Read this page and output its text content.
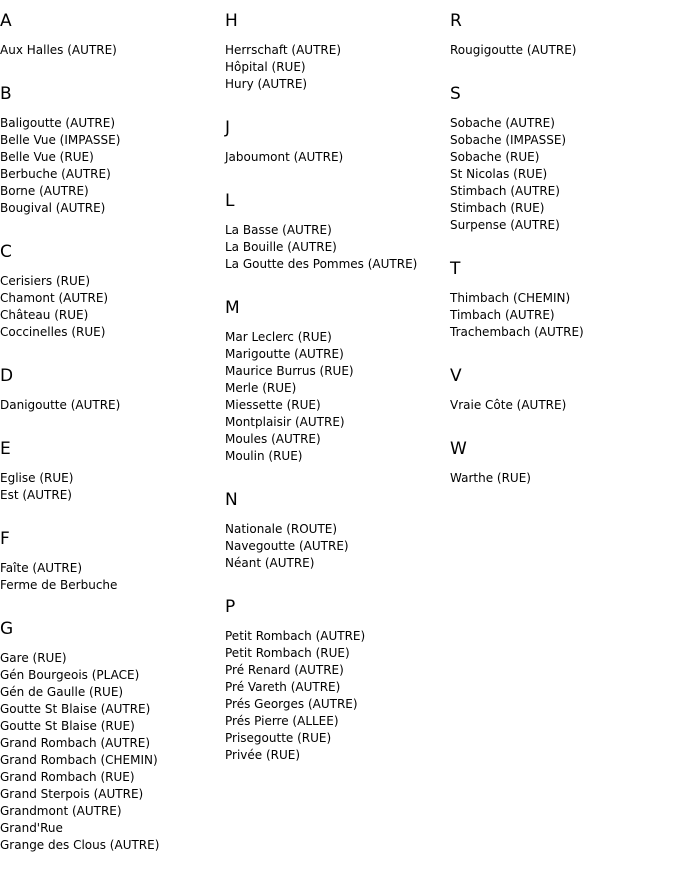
A
Aux Halles (AUTRE)
B
Baligoutte (AUTRE)
Belle Vue (IMPASSE)
Belle Vue (RUE)
Berbuche (AUTRE)
Borne (AUTRE)
Bougival (AUTRE)
C
Cerisiers (RUE)
Chamont (AUTRE)
Château (RUE)
Coccinelles (RUE)
D
Danigoutte (AUTRE)
E
Eglise (RUE)
Est (AUTRE)
F
Faîte (AUTRE)
Ferme de Berbuche
G
Gare (RUE)
Gén Bourgeois (PLACE)
Gén de Gaulle (RUE)
Goutte St Blaise (AUTRE)
Goutte St Blaise (RUE)
Grand Rombach (AUTRE)
Grand Rombach (CHEMIN)
Grand Rombach (RUE)
Grand Sterpois (AUTRE)
Grandmont (AUTRE)
Grand'Rue
Grange des Clous (AUTRE)
H
Herrschaft (AUTRE)
Hôpital (RUE)
Hury (AUTRE)
J
Jaboumont (AUTRE)
L
La Basse (AUTRE)
La Bouille (AUTRE)
La Goutte des Pommes (AUTRE)
M
Mar Leclerc (RUE)
Marigoutte (AUTRE)
Maurice Burrus (RUE)
Merle (RUE)
Miessette (RUE)
Montplaisir (AUTRE)
Moules (AUTRE)
Moulin (RUE)
N
Nationale (ROUTE)
Navegoutte (AUTRE)
Néant (AUTRE)
P
Petit Rombach (AUTRE)
Petit Rombach (RUE)
Pré Renard (AUTRE)
Pré Vareth (AUTRE)
Prés Georges (AUTRE)
Prés Pierre (ALLEE)
Prisegoutte (RUE)
Privée (RUE)
R
Rougigoutte (AUTRE)
S
Sobache (AUTRE)
Sobache (IMPASSE)
Sobache (RUE)
St Nicolas (RUE)
Stimbach (AUTRE)
Stimbach (RUE)
Surpense (AUTRE)
T
Thimbach (CHEMIN)
Timbach (AUTRE)
Trachembach (AUTRE)
V
Vraie Côte (AUTRE)
W
Warthe (RUE)
